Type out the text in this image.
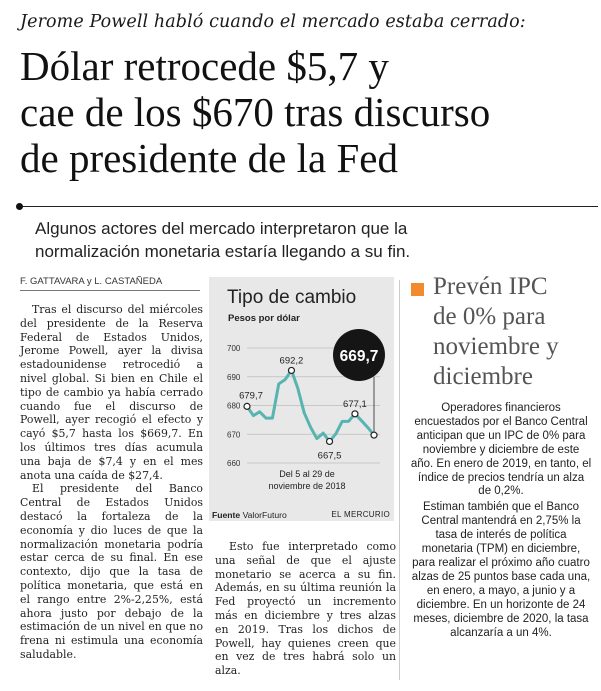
Jerome Powell habló cuando el mercado estaba cerrado:
Dólar retrocede $5,7 y
cae de los $670 tras discurso
de presidente de la Fed
Algunos actores del mercado interpretaron que la
normalización monetaria estaría llegando a su fin.
F. GATTAVARA y L. CASTAÑEDA

Tras el discurso del miércoles del presidente de la Reserva Federal de Estados Unidos, Jerome Powell, ayer la divisa estadounidense retrocedió a nivel global. Si bien en Chile el tipo de cambio ya había cerrado cuando fue el discurso de Powell, ayer recogió el efecto y cayó $5,7 hasta los $669,7. En los últimos tres días acumula una baja de $7,4 y en el mes anota una caída de $27,4.

El presidente del Banco Central de Estados Unidos destacó la fortaleza de la economía y dio luces de que la normalización monetaria podría estar cerca de su final. En ese contexto, dijo que la tasa de política monetaria, que está en el rango entre 2%-2,25%, está ahora justo por debajo de la estimación de un nivel en que no frena ni estimula una economía saludable.

Tipo de cambio
Pesos por dólar
700
690
680
670
660
679,7
692,2
667,5
677,1
669,7
Del 5 al 29 de
noviembre de 2018
Fuente ValorFuturo	EL MERCURIO

Esto fue interpretado como una señal de que el ajuste monetario se acerca a su fin. Además, en su última reunión la Fed proyectó un incremento más en diciembre y tres alzas en 2019. Tras los dichos de Powell, hay quienes creen que en vez de tres habrá solo un alza.

Prevén IPC
de 0% para
noviembre y
diciembre

Operadores financieros encuestados por el Banco Central anticipan que un IPC de 0% para noviembre y diciembre de este año. En enero de 2019, en tanto, el índice de precios tendría un alza de 0,2%.

Estiman también que el Banco Central mantendrá en 2,75% la tasa de interés de política monetaria (TPM) en diciembre, para realizar el próximo año cuatro alzas de 25 puntos base cada una, en enero, a mayo, a junio y a diciembre. En un horizonte de 24 meses, diciembre de 2020, la tasa alcanzaría a un 4%.
